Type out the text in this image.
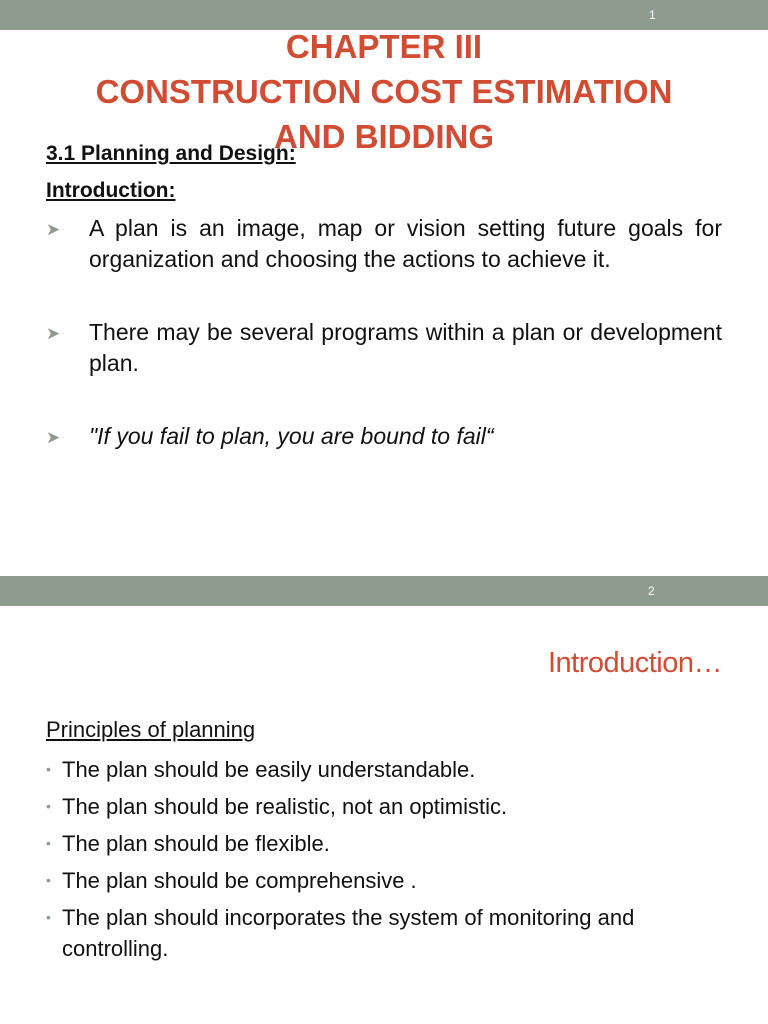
1
CHAPTER III
CONSTRUCTION COST ESTIMATION
AND BIDDING
3.1 Planning and Design:
Introduction:
➤ A plan is an image, map or vision setting future goals for organization and choosing the actions to achieve it.
➤ There may be several programs within a plan or development plan.
➤ "If you fail to plan, you are bound to fail“
2
Introduction…
Principles of planning
• The plan should be easily understandable.
• The plan should be realistic, not an optimistic.
• The plan should be flexible.
• The plan should be comprehensive .
• The plan should incorporates the system of monitoring and controlling.
